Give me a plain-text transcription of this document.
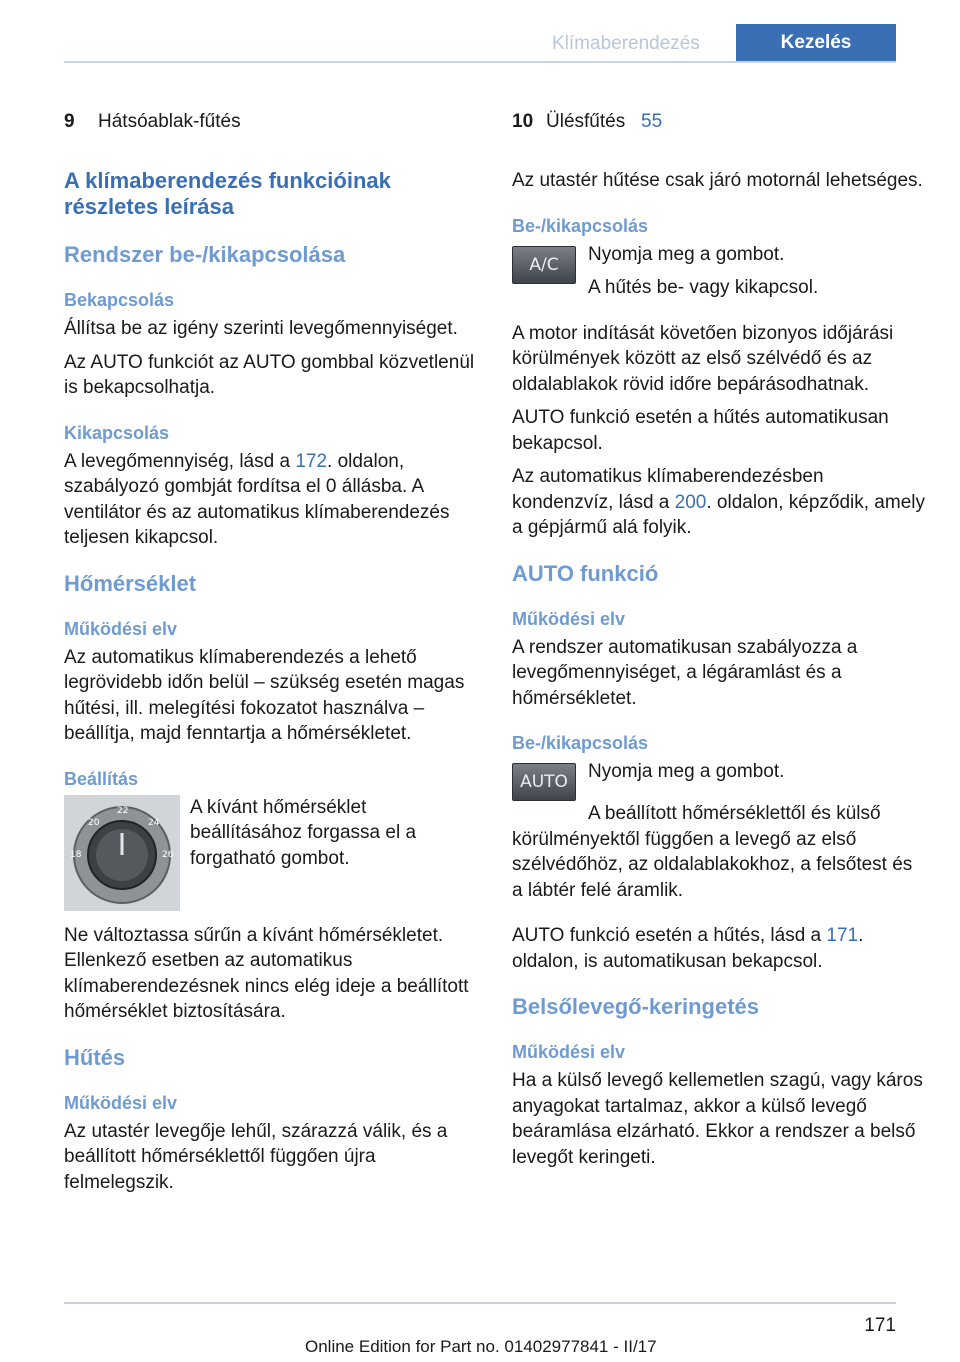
Klímaberendezés	Kezelés
9 Hátsóablak-fűtés
A klímaberendezés funkcióinak
részletes leírása
Rendszer be-/kikapcsolása
Bekapcsolás

Állítsa be az igény szerinti levegőmennyiséget.

Az AUTO funkciót az AUTO gombbal közvetlenül is bekapcsolhatja.

Kikapcsolás

A levegőmennyiség, lásd a 172. oldalon, szabályozó gombját fordítsa el 0 állásba. A ventilátor és az automatikus klímaberendezés teljesen kikapcsol.

Hőmérséklet
Működési elv

Az automatikus klímaberendezés a lehető legrövidebb időn belül – szükség esetén magas hűtési, ill. melegítési fokozatot használva – beállítja, majd fenntartja a hőmérsékletet.

Beállítás
20
22
24
18	26

A kívánt hőmérséklet beállításához forgassa el a forgatható gombot.

Ne változtassa sűrűn a kívánt hőmérsékletet. Ellenkező esetben az automatikus klímaberendezésnek nincs elég ideje a beállított hőmérséklet biztosítására.

Hűtés
Működési elv

Az utastér levegője lehűl, szárazzá válik, és a beállított hőmérséklettől függően újra felmelegszik.

10 Ülésfűtés 55

Az utastér hűtése csak járó motornál lehetséges.

Be-/kikapcsolás
A/C Nyomja meg a gombot.

A hűtés be- vagy kikapcsol.

A motor indítását követően bizonyos időjárási körülmények között az első szélvédő és az oldalablakok rövid időre bepárásodhatnak.

AUTO funkció esetén a hűtés automatikusan bekapcsol.

Az automatikus klímaberendezésben kondenzvíz, lásd a 200. oldalon, képződik, amely a gépjármű alá folyik.

AUTO funkció
Működési elv

A rendszer automatikusan szabályozza a levegőmennyiséget, a légáramlást és a hőmérsékletet.

Be-/kikapcsolás
AUTO Nyomja meg a gombot.

A beállított hőmérséklettől és külső körülményektől függően a levegő az első szélvédőhöz, az oldalablakokhoz, a felsőtest és a lábtér felé áramlik.

AUTO funkció esetén a hűtés, lásd a 171. oldalon, is automatikusan bekapcsol.

Belsőlevegő-keringetés
Működési elv

Ha a külső levegő kellemetlen szagú, vagy káros anyagokat tartalmaz, akkor a külső levegő beáramlása elzárható. Ekkor a rendszer a belső levegőt keringeti.

171
Online Edition for Part no. 01402977841 - II/17
